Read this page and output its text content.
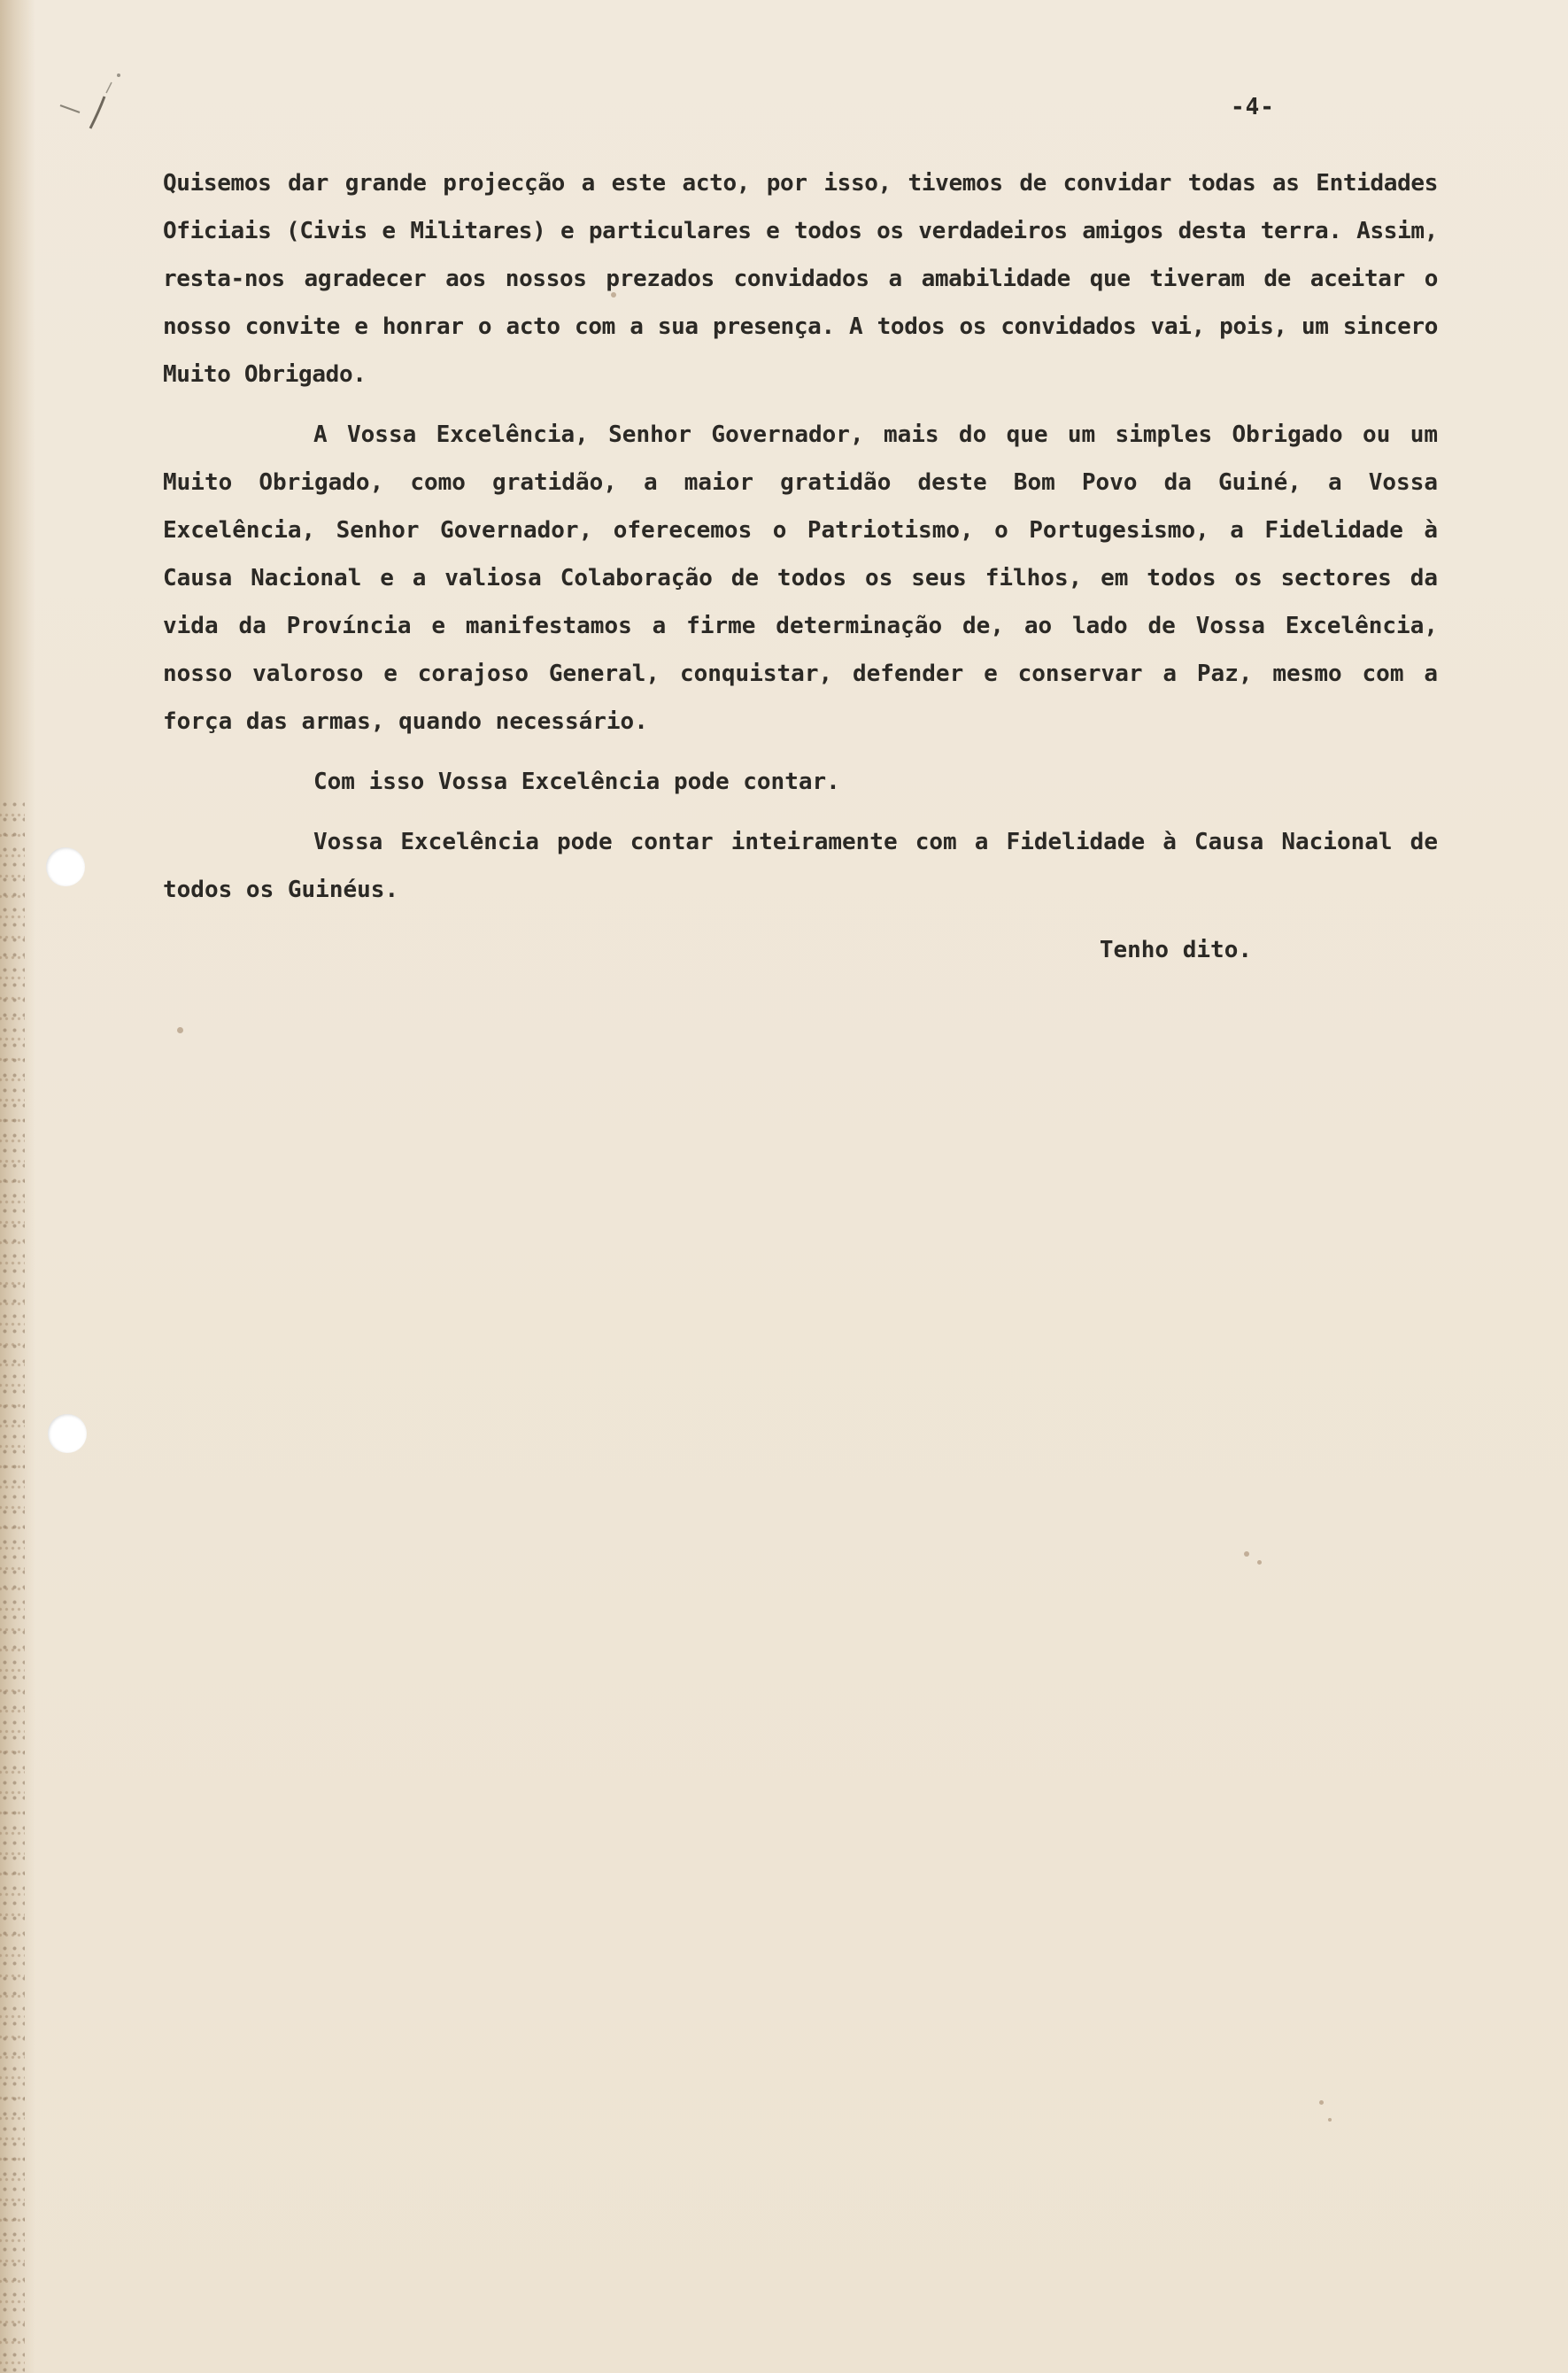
-4-

Quisemos dar grande projecção a este acto, por isso, tivemos de convidar todas as Entidades Oficiais (Civis e Militares) e particulares e todos os verdadeiros amigos desta terra. Assim, resta-nos agradecer aos nossos prezados convidados a amabilidade que tiveram de aceitar o nosso convite e honrar o acto com a sua presença. A todos os convidados vai, pois, um sincero Muito Obrigado.

A Vossa Excelência, Senhor Governador, mais do que um simples Obrigado ou um Muito Obrigado, como gratidão, a maior gratidão deste Bom Povo da Guiné, a Vossa Excelência, Senhor Governador, oferecemos o Patriotismo, o Portugesismo, a Fidelidade à Causa Nacional e a valiosa Colaboração de todos os seus filhos, em todos os sectores da vida da Província e manifestamos a firme determinação de, ao lado de Vossa Excelência, nosso valoroso e corajoso General, conquistar, defender e conservar a Paz, mesmo com a força das armas, quando necessário.

Com isso Vossa Excelência pode contar.

Vossa Excelência pode contar inteiramente com a Fidelidade à Causa Nacional de todos os Guinéus.

Tenho dito.
